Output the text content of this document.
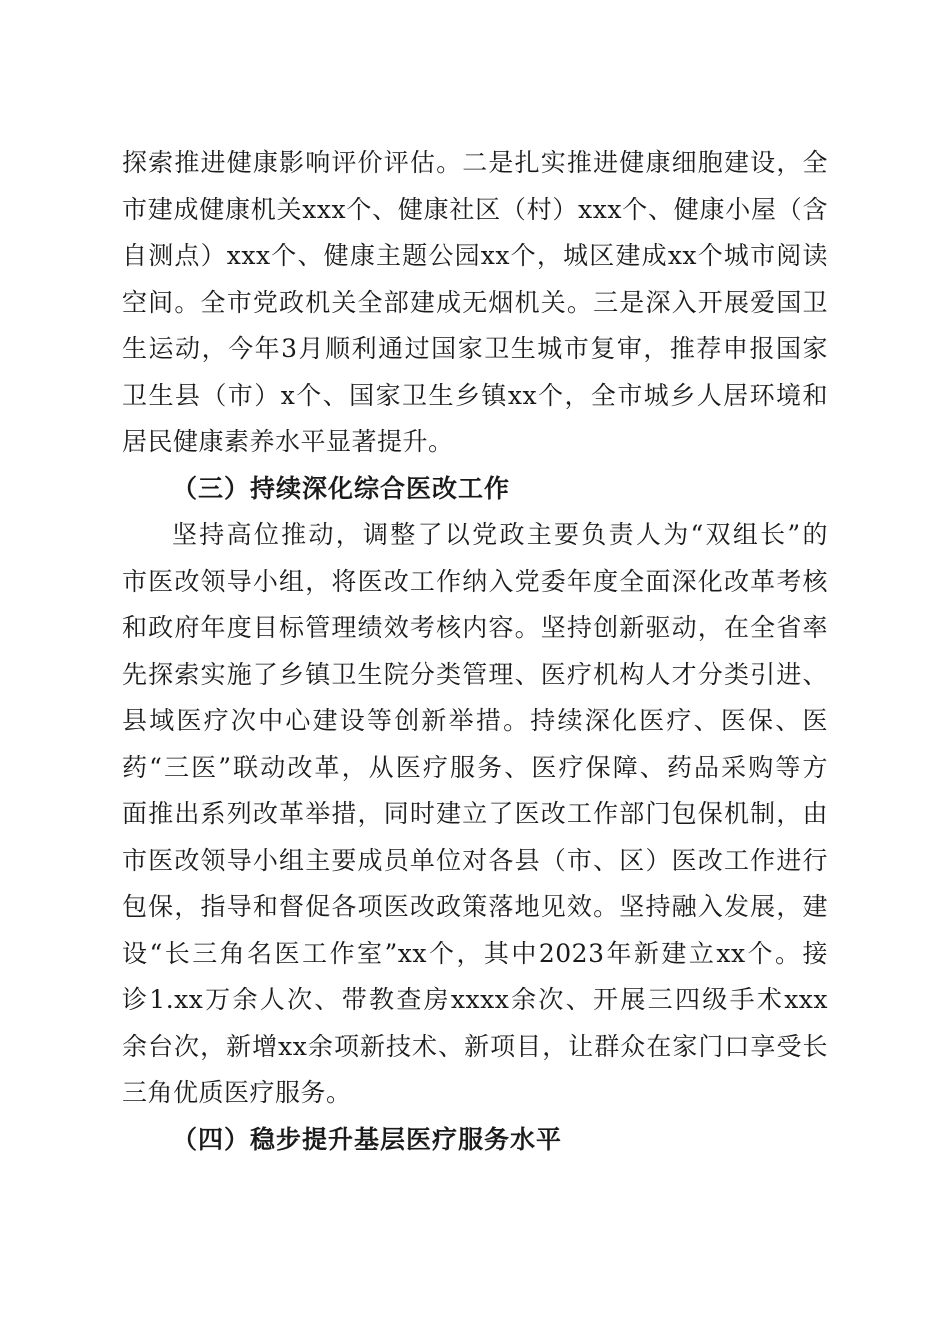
探索推进健康影响评价评估。二是扎实推进健康细胞建设，全
市建成健康机关xxx个、健康社区（村）xxx个、健康小屋（含
自测点）xxx个、健康主题公园xx个，城区建成xx个城市阅读
空间。全市党政机关全部建成无烟机关。三是深入开展爱国卫
生运动，今年3月顺利通过国家卫生城市复审，推荐申报国家
卫生县（市）x个、国家卫生乡镇xx个，全市城乡人居环境和
居民健康素养水平显著提升。
（三）持续深化综合医改工作
坚持高位推动，调整了以党政主要负责人为“双组长”的
市医改领导小组，将医改工作纳入党委年度全面深化改革考核
和政府年度目标管理绩效考核内容。坚持创新驱动，在全省率
先探索实施了乡镇卫生院分类管理、医疗机构人才分类引进、
县域医疗次中心建设等创新举措。持续深化医疗、医保、医
药“三医”联动改革，从医疗服务、医疗保障、药品采购等方
面推出系列改革举措，同时建立了医改工作部门包保机制，由
市医改领导小组主要成员单位对各县（市、区）医改工作进行
包保，指导和督促各项医改政策落地见效。坚持融入发展，建
设“长三角名医工作室”xx个，其中2023年新建立xx个。接
诊1.xx万余人次、带教查房xxxx余次、开展三四级手术xxx
余台次，新增xx余项新技术、新项目，让群众在家门口享受长
三角优质医疗服务。
（四）稳步提升基层医疗服务水平
